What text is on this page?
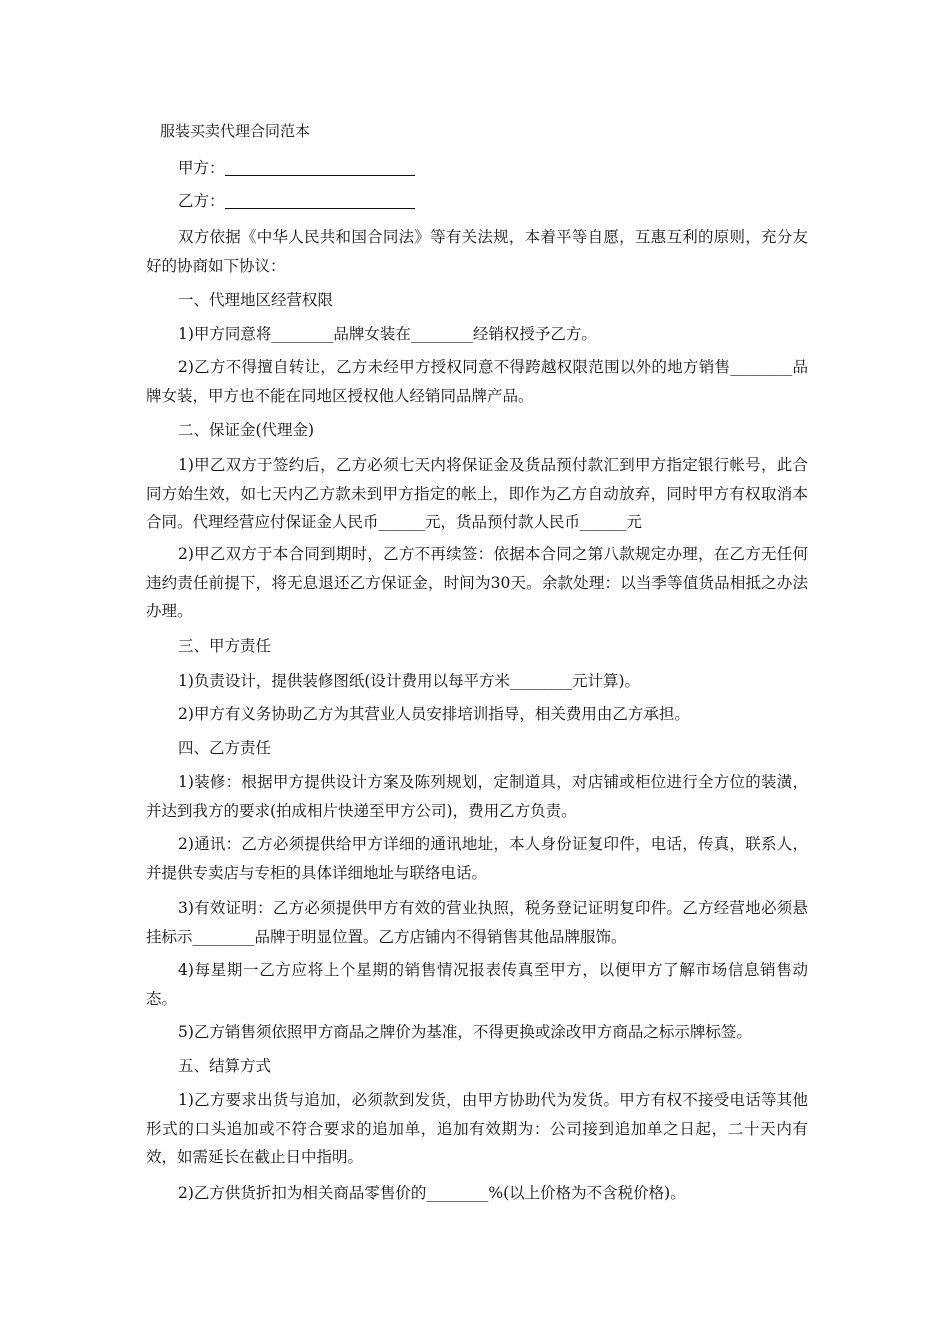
服装买卖代理合同范本
甲方：
乙方：
双方依据《中华人民共和国合同法》等有关法规，本着平等自愿，互惠互利的原则，充分友好的协商如下协议：
一、代理地区经营权限
1)甲方同意将________品牌女装在________经销权授予乙方。
2)乙方不得擅自转让，乙方未经甲方授权同意不得跨越权限范围以外的地方销售________品牌女装，甲方也不能在同地区授权他人经销同品牌产品。
二、保证金(代理金)
1)甲乙双方于签约后，乙方必须七天内将保证金及货品预付款汇到甲方指定银行帐号，此合同方始生效，如七天内乙方款未到甲方指定的帐上，即作为乙方自动放弃，同时甲方有权取消本合同。代理经营应付保证金人民币______元，货品预付款人民币______元
2)甲乙双方于本合同到期时，乙方不再续签：依据本合同之第八款规定办理，在乙方无任何违约责任前提下，将无息退还乙方保证金，时间为30天。余款处理：以当季等值货品相抵之办法办理。
三、甲方责任
1)负责设计，提供装修图纸(设计费用以每平方米________元计算)。
2)甲方有义务协助乙方为其营业人员安排培训指导，相关费用由乙方承担。
四、乙方责任
1)装修：根据甲方提供设计方案及陈列规划，定制道具，对店铺或柜位进行全方位的装潢，并达到我方的要求(拍成相片快递至甲方公司)，费用乙方负责。
2)通讯：乙方必须提供给甲方详细的通讯地址，本人身份证复印件，电话，传真，联系人，并提供专卖店与专柜的具体详细地址与联络电话。
3)有效证明：乙方必须提供甲方有效的营业执照，税务登记证明复印件。乙方经营地必须悬挂标示________品牌于明显位置。乙方店铺内不得销售其他品牌服饰。
4)每星期一乙方应将上个星期的销售情况报表传真至甲方，以便甲方了解市场信息销售动态。
5)乙方销售须依照甲方商品之牌价为基准，不得更换或涂改甲方商品之标示牌标签。
五、结算方式
1)乙方要求出货与追加，必须款到发货，由甲方协助代为发货。甲方有权不接受电话等其他形式的口头追加或不符合要求的追加单，追加有效期为：公司接到追加单之日起，二十天内有效，如需延长在截止日中指明。
2)乙方供货折扣为相关商品零售价的________%(以上价格为不含税价格)。
